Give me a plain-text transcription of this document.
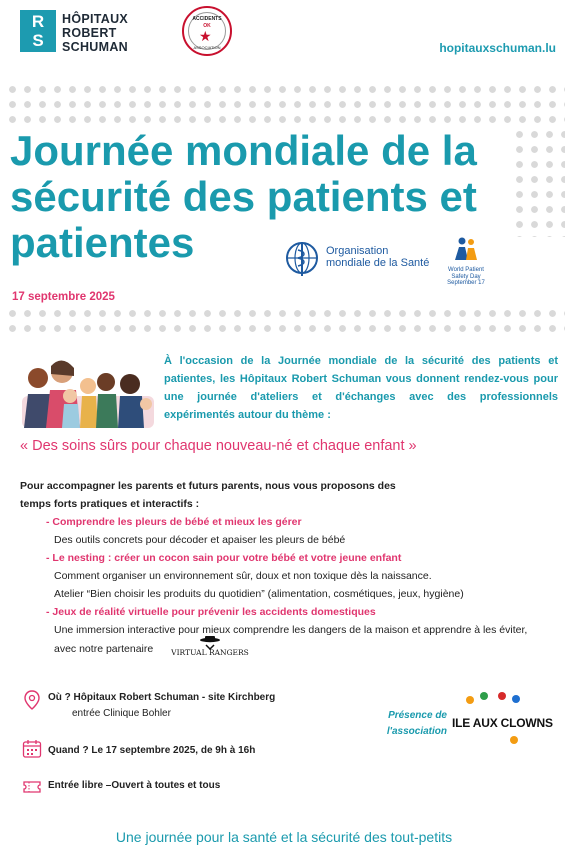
R
S
HÔPITAUX
ROBERT
SCHUMAN
ACCIDENTS
OK
★
ASSOCIATION	hopitauxschuman.lu
Journée mondiale de la sécurité des patients et patientes
17 septembre 2025
Organisation
mondiale de la Santé
World Patient
Safety Day
September 17
À l'occasion de la Journée mondiale de la sécurité des patients et patientes, les Hôpitaux Robert Schuman vous donnent rendez-vous pour une journée d'ateliers et d'échanges avec des professionnels expérimentés autour du thème :
« Des soins sûrs pour chaque nouveau-né et chaque enfant »
Pour accompagner les parents et futurs parents, nous vous proposons des
temps forts pratiques et interactifs :
- Comprendre les pleurs de bébé et mieux les gérer
Des outils concrets pour décoder et apaiser les pleurs de bébé
- Le nesting : créer un cocon sain pour votre bébé et votre jeune enfant
Comment organiser un environnement sûr, doux et non toxique dès la naissance.
Atelier “Bien choisir les produits du quotidien” (alimentation, cosmétiques, jeux, hygiène)
- Jeux de réalité virtuelle pour prévenir les accidents domestiques
Une immersion interactive pour mieux comprendre les dangers de la maison et apprendre à les éviter,
avec notre partenaire VIRTUAL RANGERS
Où ? Hôpitaux Robert Schuman - site Kirchberg
entrée Clinique Bohler
Quand ? Le 17 septembre 2025, de 9h à 16h
Entrée libre –Ouvert à toutes et tous
Présence de
l'association
ILE AUX CLOWNS
Une journée pour la santé et la sécurité des tout-petits
